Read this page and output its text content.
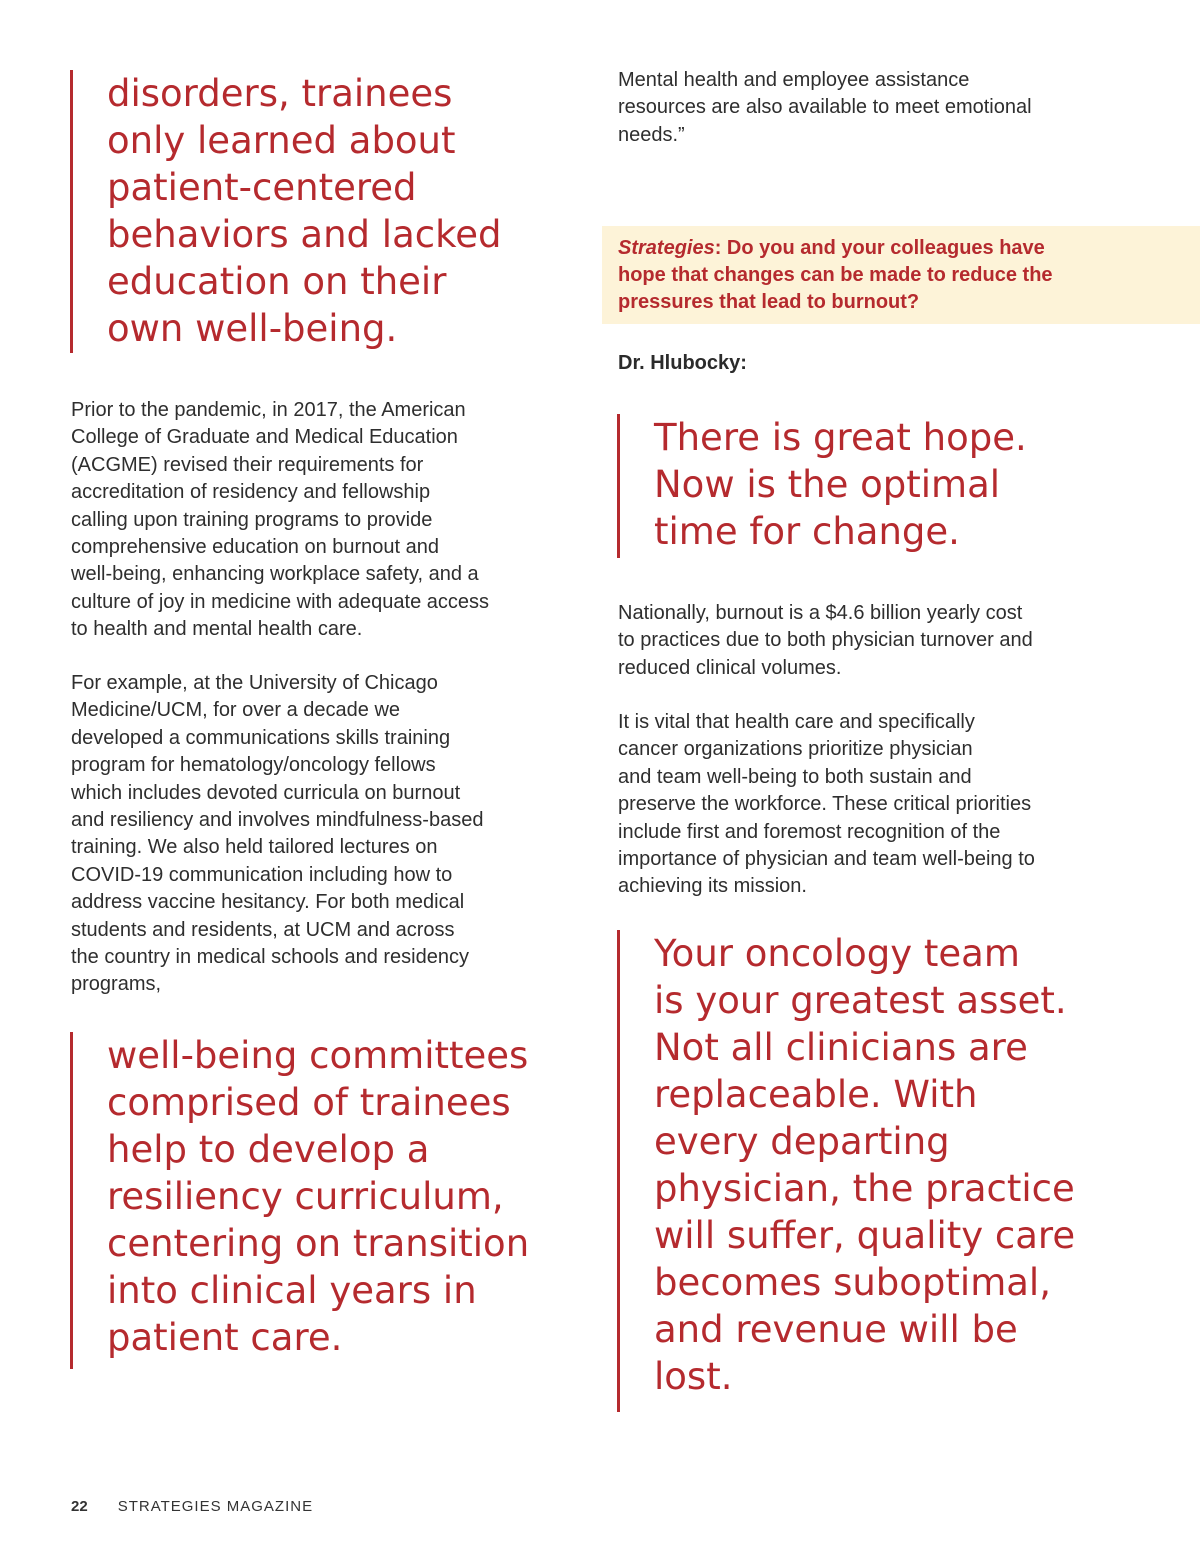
disorders, trainees
only learned about
patient-centered
behaviors and lacked
education on their
own well-being.
Prior to the pandemic, in 2017, the American
College of Graduate and Medical Education
(ACGME) revised their requirements for
accreditation of residency and fellowship
calling upon training programs to provide
comprehensive education on burnout and
well-being, enhancing workplace safety, and a
culture of joy in medicine with adequate access
to health and mental health care.
For example, at the University of Chicago
Medicine/UCM, for over a decade we
developed a communications skills training
program for hematology/oncology fellows
which includes devoted curricula on burnout
and resiliency and involves mindfulness-based
training. We also held tailored lectures on
COVID-19 communication including how to
address vaccine hesitancy. For both medical
students and residents, at UCM and across
the country in medical schools and residency
programs,
well-being committees
comprised of trainees
help to develop a
resiliency curriculum,
centering on transition
into clinical years in
patient care.
Mental health and employee assistance
resources are also available to meet emotional
needs.”
Strategies: Do you and your colleagues have
hope that changes can be made to reduce the
pressures that lead to burnout?
Dr. Hlubocky:
There is great hope.
Now is the optimal
time for change.
Nationally, burnout is a $4.6 billion yearly cost
to practices due to both physician turnover and
reduced clinical volumes.
It is vital that health care and specifically
cancer organizations prioritize physician
and team well-being to both sustain and
preserve the workforce. These critical priorities
include first and foremost recognition of the
importance of physician and team well-being to
achieving its mission.
Your oncology team
is your greatest asset.
Not all clinicians are
replaceable. With
every departing
physician, the practice
will suffer, quality care
becomes suboptimal,
and revenue will be
lost.
22 STRATEGIES MAGAZINE
